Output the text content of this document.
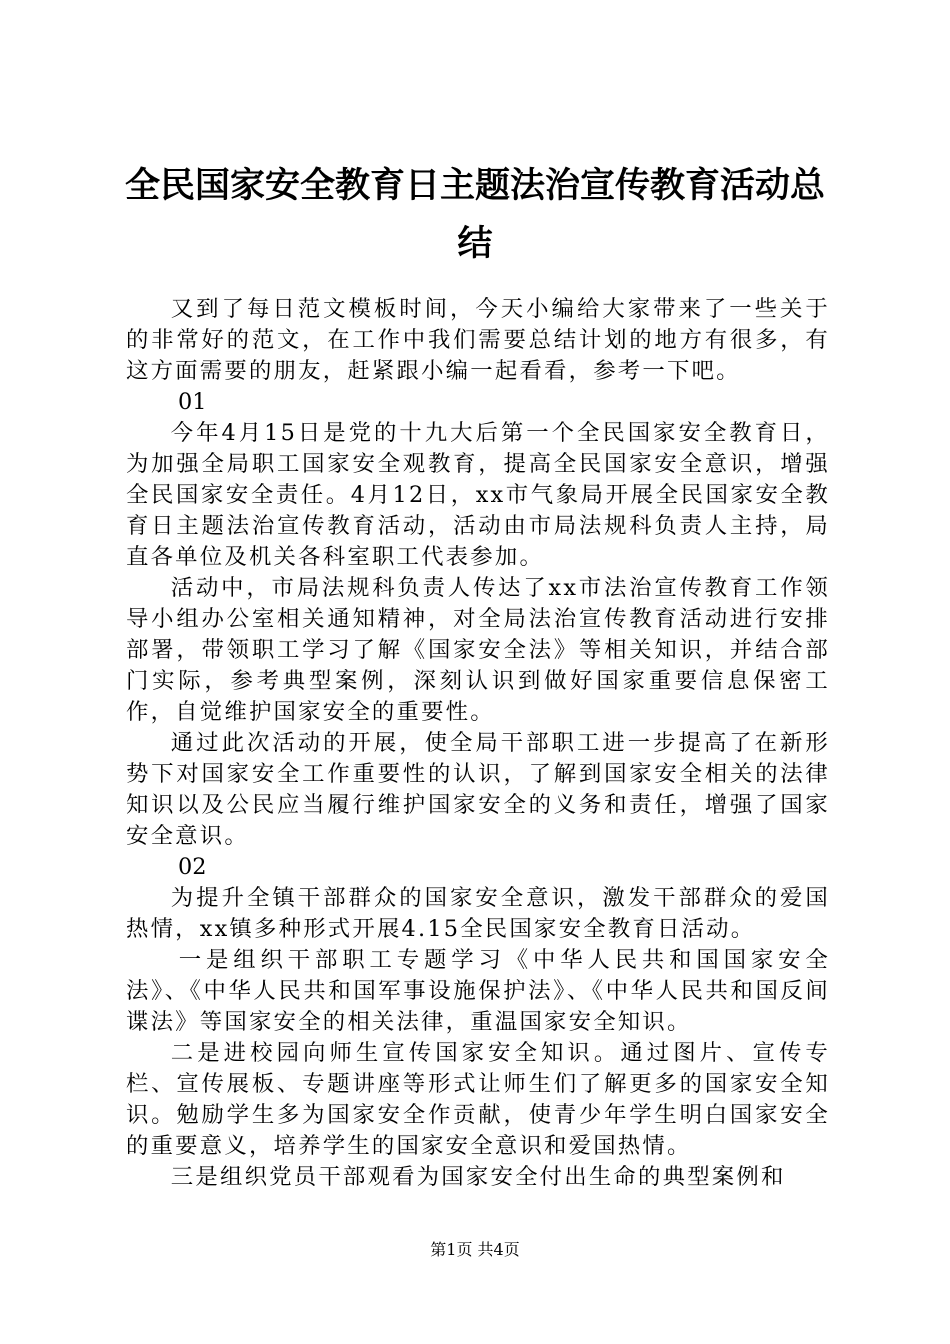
全民国家安全教育日主题法治宣传教育活动总
结

又到了每日范文模板时间，今天小编给大家带来了一些关于的非常好的范文，在工作中我们需要总结计划的地方有很多，有这方面需要的朋友，赶紧跟小编一起看看，参考一下吧。

01

今年4月15日是党的十九大后第一个全民国家安全教育日，为加强全局职工国家安全观教育，提高全民国家安全意识，增强全民国家安全责任。4月12日，xx市气象局开展全民国家安全教育日主题法治宣传教育活动，活动由市局法规科负责人主持，局直各单位及机关各科室职工代表参加。

活动中，市局法规科负责人传达了xx市法治宣传教育工作领导小组办公室相关通知精神，对全局法治宣传教育活动进行安排部署，带领职工学习了解《国家安全法》等相关知识，并结合部门实际，参考典型案例，深刻认识到做好国家重要信息保密工作，自觉维护国家安全的重要性。

通过此次活动的开展，使全局干部职工进一步提高了在新形势下对国家安全工作重要性的认识，了解到国家安全相关的法律知识以及公民应当履行维护国家安全的义务和责任，增强了国家安全意识。

02

为提升全镇干部群众的国家安全意识，激发干部群众的爱国热情，xx镇多种形式开展4.15全民国家安全教育日活动。

一是组织干部职工专题学习《中华人民共和国国家安全法》、《中华人民共和国军事设施保护法》、《中华人民共和国反间谍法》等国家安全的相关法律，重温国家安全知识。

二是进校园向师生宣传国家安全知识。通过图片、宣传专栏、宣传展板、专题讲座等形式让师生们了解更多的国家安全知识。勉励学生多为国家安全作贡献，使青少年学生明白国家安全的重要意义，培养学生的国家安全意识和爱国热情。

三是组织党员干部观看为国家安全付出生命的典型案例和

第1页 共4页
